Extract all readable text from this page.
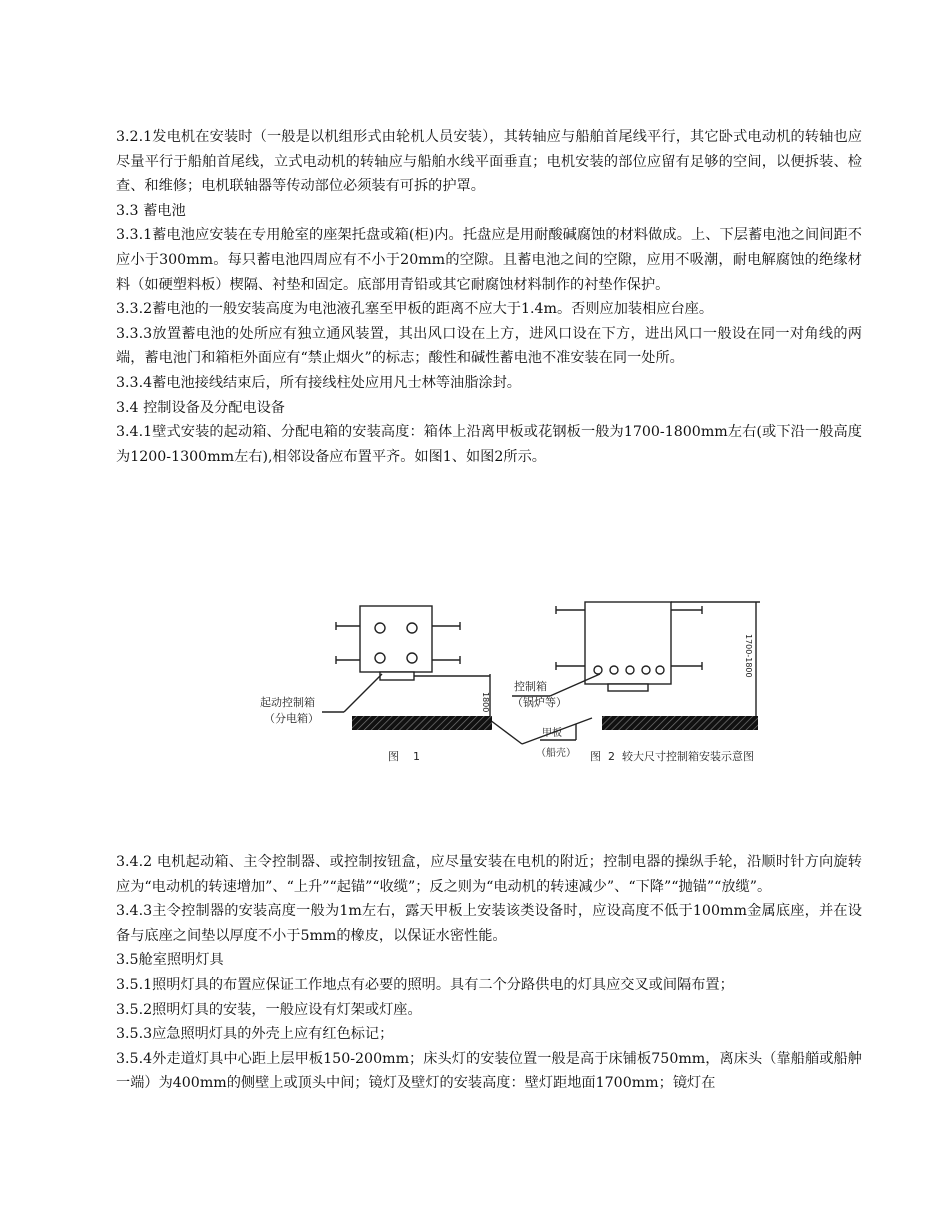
3.2.1发电机在安装时（一般是以机组形式由轮机人员安装），其转轴应与船舶首尾线平行，其它卧式电动机的转轴也应尽量平行于船舶首尾线，立式电动机的转轴应与船舶水线平面垂直；电机安装的部位应留有足够的空间，以便拆装、检查、和维修；电机联轴器等传动部位必须装有可拆的护罩。

3.3 蓄电池

3.3.1蓄电池应安装在专用舱室的座架托盘或箱(柜)内。托盘应是用耐酸碱腐蚀的材料做成。上、下层蓄电池之间间距不应小于300mm。每只蓄电池四周应有不小于20mm的空隙。且蓄电池之间的空隙，应用不吸潮，耐电解腐蚀的绝缘材料（如硬塑料板）楔隔、衬垫和固定。底部用青铅或其它耐腐蚀材料制作的衬垫作保护。

3.3.2蓄电池的一般安装高度为电池液孔塞至甲板的距离不应大于1.4m。否则应加装相应台座。

3.3.3放置蓄电池的处所应有独立通风装置，其出风口设在上方，进风口设在下方，进出风口一般设在同一对角线的两端，蓄电池门和箱柜外面应有“禁止烟火”的标志；酸性和碱性蓄电池不准安装在同一处所。

3.3.4蓄电池接线结束后，所有接线柱处应用凡士林等油脂涂封。

3.4 控制设备及分配电设备

3.4.1壁式安装的起动箱、分配电箱的安装高度：箱体上沿离甲板或花钢板一般为1700-1800mm左右(或下沿一般高度为1200-1300mm左右),相邻设备应布置平齐。如图1、如图2所示。

起动控制箱
（分电箱）
控制箱
（锅炉等）
甲板
（船壳）
1800
1700-1800
图    1	图  2  较大尺寸控制箱安装示意图

3.4.2 电机起动箱、主令控制器、或控制按钮盒，应尽量安装在电机的附近；控制电器的操纵手轮，沿顺时针方向旋转应为“电动机的转速增加”、“上升”“起锚”“收缆”；反之则为“电动机的转速减少”、“下降”“抛锚”“放缆”。

3.4.3主令控制器的安装高度一般为1m左右，露天甲板上安装该类设备时，应设高度不低于100mm金属底座，并在设备与底座之间垫以厚度不小于5mm的橡皮，以保证水密性能。

3.5舱室照明灯具

3.5.1照明灯具的布置应保证工作地点有必要的照明。具有二个分路供电的灯具应交叉或间隔布置；

3.5.2照明灯具的安装，一般应设有灯架或灯座。

3.5.3应急照明灯具的外壳上应有红色标记；

3.5.4外走道灯具中心距上层甲板150-200mm；床头灯的安装位置一般是高于床铺板750mm，离床头（靠船艏或船舯一端）为400mm的侧壁上或顶头中间；镜灯及壁灯的安装高度：壁灯距地面1700mm；镜灯在
